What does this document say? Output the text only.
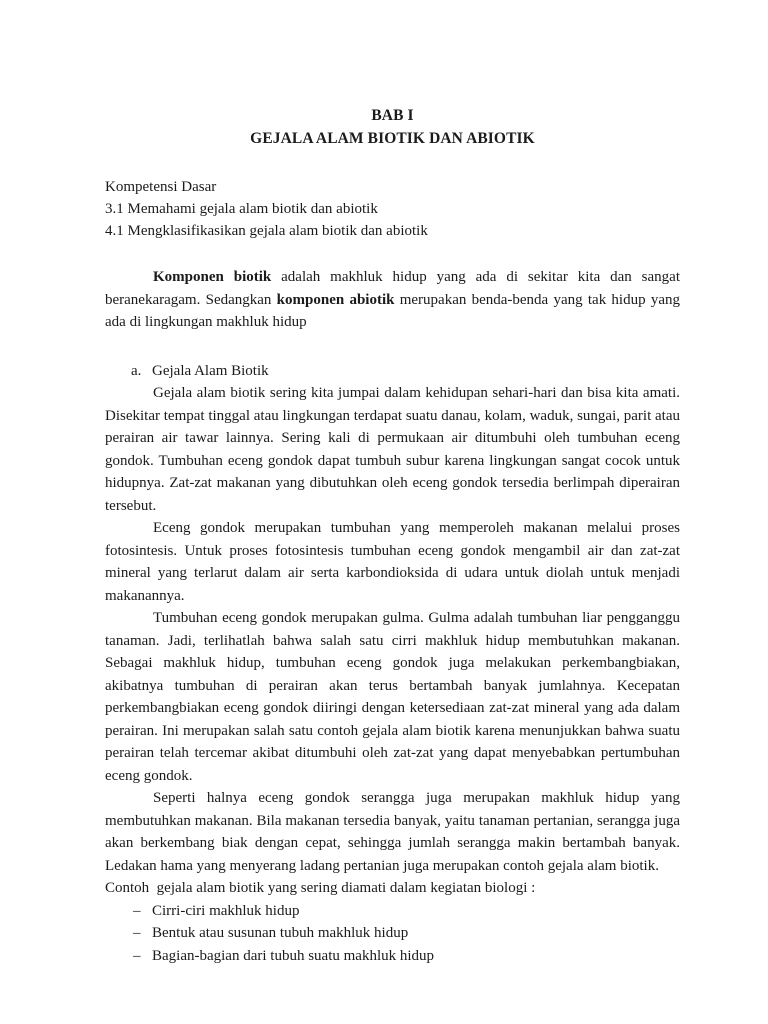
BAB I
GEJALA ALAM BIOTIK DAN ABIOTIK
Kompetensi Dasar
3.1 Memahami gejala alam biotik dan abiotik
4.1 Mengklasifikasikan gejala alam biotik dan abiotik

Komponen biotik adalah makhluk hidup yang ada di sekitar kita dan sangat beranekaragam. Sedangkan komponen abiotik merupakan benda-benda yang tak hidup yang ada di lingkungan makhluk hidup

a. Gejala Alam Biotik

Gejala alam biotik sering kita jumpai dalam kehidupan sehari-hari dan bisa kita amati. Disekitar tempat tinggal atau lingkungan terdapat suatu danau, kolam, waduk, sungai, parit atau perairan air tawar lainnya. Sering kali di permukaan air ditumbuhi oleh tumbuhan eceng gondok. Tumbuhan eceng gondok dapat tumbuh subur karena lingkungan sangat cocok untuk hidupnya. Zat-zat makanan yang dibutuhkan oleh eceng gondok tersedia berlimpah diperairan tersebut.

Eceng gondok merupakan tumbuhan yang memperoleh makanan melalui proses fotosintesis. Untuk proses fotosintesis tumbuhan eceng gondok mengambil air dan zat-zat mineral yang terlarut dalam air serta karbondioksida di udara untuk diolah untuk menjadi makanannya.

Tumbuhan eceng gondok merupakan gulma. Gulma adalah tumbuhan liar pengganggu tanaman. Jadi, terlihatlah bahwa salah satu cirri makhluk hidup membutuhkan makanan. Sebagai makhluk hidup, tumbuhan eceng gondok juga melakukan perkembangbiakan, akibatnya tumbuhan di perairan akan terus bertambah banyak jumlahnya. Kecepatan perkembangbiakan eceng gondok diiringi dengan ketersediaan zat-zat mineral yang ada dalam perairan. Ini merupakan salah satu contoh gejala alam biotik karena menunjukkan bahwa suatu perairan telah tercemar akibat ditumbuhi oleh zat-zat yang dapat menyebabkan pertumbuhan eceng gondok.

Seperti halnya eceng gondok serangga juga merupakan makhluk hidup yang membutuhkan makanan. Bila makanan tersedia banyak, yaitu tanaman pertanian, serangga juga akan berkembang biak dengan cepat, sehingga jumlah serangga makin bertambah banyak. Ledakan hama yang menyerang ladang pertanian juga merupakan contoh gejala alam biotik.

Contoh  gejala alam biotik yang sering diamati dalam kegiatan biologi :

– Cirri-ciri makhluk hidup
– Bentuk atau susunan tubuh makhluk hidup
– Bagian-bagian dari tubuh suatu makhluk hidup
